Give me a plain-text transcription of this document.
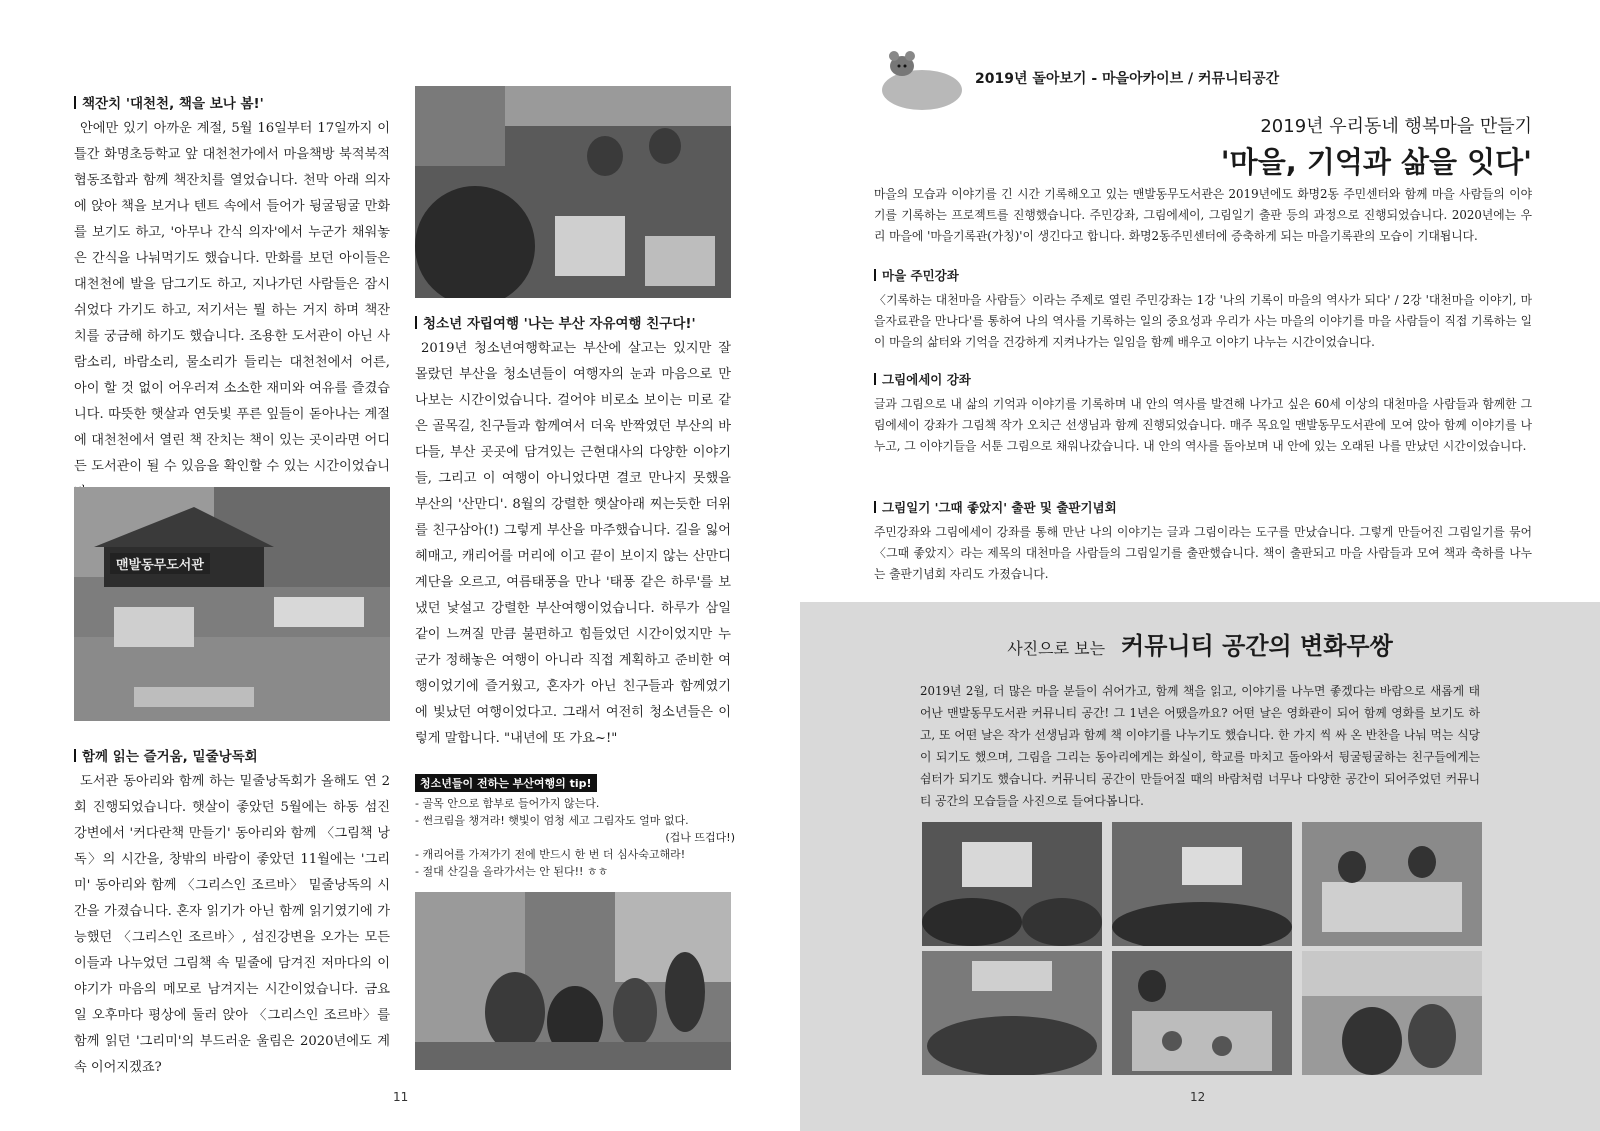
책잔치 '대천천, 책을 보나 봄!'

안에만 있기 아까운 계절, 5월 16일부터 17일까지 이틀간 화명초등학교 앞 대천천가에서 마을책방 북적북적협동조합과 함께 책잔치를 열었습니다. 천막 아래 의자에 앉아 책을 보거나 텐트 속에서 들어가 뒹굴뒹굴 만화를 보기도 하고, '아무나 간식 의자'에서 누군가 채워놓은 간식을 나눠먹기도 했습니다. 만화를 보던 아이들은 대천천에 발을 담그기도 하고, 지나가던 사람들은 잠시 쉬었다 가기도 하고, 저기서는 뭘 하는 거지 하며 책잔치를 궁금해 하기도 했습니다. 조용한 도서관이 아닌 사람소리, 바람소리, 물소리가 들리는 대천천에서 어른, 아이 할 것 없이 어우러져 소소한 재미와 여유를 즐겼습니다. 따뜻한 햇살과 연둣빛 푸른 잎들이 돋아나는 계절에 대천천에서 열린 책 잔치는 책이 있는 곳이라면 어디든 도서관이 될 수 있음을 확인할 수 있는 시간이었습니

맨발동무도서관
함께 읽는 즐거움, 밑줄낭독회

도서관 동아리와 함께 하는 밑줄낭독회가 올해도 연 2회 진행되었습니다. 햇살이 좋았던 5월에는 하동 섬진강변에서 '커다란책 만들기' 동아리와 함께 〈그림책 낭독〉의 시간을, 창밖의 바람이 좋았던 11월에는 '그리미' 동아리와 함께 〈그리스인 조르바〉 밑줄낭독의 시간을 가졌습니다. 혼자 읽기가 아닌 함께 읽기였기에 가능했던 〈그리스인 조르바〉, 섬진강변을 오가는 모든 이들과 나누었던 그림책 속 밑줄에 담겨진 저마다의 이야기가 마음의 메모로 남겨지는 시간이었습니다. 금요일 오후마다 평상에 둘러 앉아 〈그리스인 조르바〉를 함께 읽던 '그리미'의 부드러운 울림은 2020년에도 계속 이어지겠죠?

청소년 자립여행 '나는 부산 자유여행 친구다!'

2019년 청소년여행학교는 부산에 살고는 있지만 잘 몰랐던 부산을 청소년들이 여행자의 눈과 마음으로 만나보는 시간이었습니다. 걸어야 비로소 보이는 미로 같은 골목길, 친구들과 함께여서 더욱 반짝였던 부산의 바다들, 부산 곳곳에 담겨있는 근현대사의 다양한 이야기들, 그리고 이 여행이 아니었다면 결코 만나지 못했을 부산의 '산만디'. 8월의 강렬한 햇살아래 찌는듯한 더위를 친구삼아(!) 그렇게 부산을 마주했습니다. 길을 잃어 헤매고, 캐리어를 머리에 이고 끝이 보이지 않는 산만디 계단을 오르고, 여름태풍을 만나 '태풍 같은 하루'를 보냈던 낯설고 강렬한 부산여행이었습니다. 하루가 삼일같이 느껴질 만큼 불편하고 힘들었던 시간이었지만 누군가 정해놓은 여행이 아니라 직접 계획하고 준비한 여행이었기에 즐거웠고, 혼자가 아닌 친구들과 함께였기에 빛났던 여행이었다고. 그래서 여전히 청소년들은 이렇게 말합니다. "내년에 또 가요~!"

청소년들이 전하는 부산여행의 tip!

- 골목 안으로 함부로 들어가지 않는다.

- 썬크림을 챙겨라! 햇빛이 엄청 세고 그림자도 얼마 없다.

(겁나 뜨겁다!)

- 캐리어를 가져가기 전에 반드시 한 번 더 심사숙고해라!

- 절대 산길을 올라가서는 안 된다!! ㅎㅎ

11
2019년 돌아보기 - 마을아카이브 / 커뮤니티공간
2019년 우리동네 행복마을 만들기
'마을, 기억과 삶을 잇다'

마을의 모습과 이야기를 긴 시간 기록해오고 있는 맨발동무도서관은 2019년에도 화명2동 주민센터와 함께 마을 사람들의 이야기를 기록하는 프로젝트를 진행했습니다. 주민강좌, 그림에세이, 그림일기 출판 등의 과정으로 진행되었습니다. 2020년에는 우리 마을에 '마을기록관(가칭)'이 생긴다고 합니다. 화명2동주민센터에 증축하게 되는 마을기록관의 모습이 기대됩니다.

마을 주민강좌

〈기록하는 대천마을 사람들〉이라는 주제로 열린 주민강좌는 1강 '나의 기록이 마을의 역사가 되다' / 2강 '대천마을 이야기, 마을자료관을 만나다'를 통하여 나의 역사를 기록하는 일의 중요성과 우리가 사는 마을의 이야기를 마을 사람들이 직접 기록하는 일이 마을의 삶터와 기억을 건강하게 지켜나가는 일임을 함께 배우고 이야기 나누는 시간이었습니다.

그림에세이 강좌

글과 그림으로 내 삶의 기억과 이야기를 기록하며 내 안의 역사를 발견해 나가고 싶은 60세 이상의 대천마을 사람들과 함께한 그림에세이 강좌가 그림책 작가 오치근 선생님과 함께 진행되었습니다. 매주 목요일 맨발동무도서관에 모여 앉아 함께 이야기를 나누고, 그 이야기들을 서툰 그림으로 채워나갔습니다. 내 안의 역사를 돌아보며 내 안에 있는 오래된 나를 만났던 시간이었습니다.

그림일기 '그때 좋았지' 출판 및 출판기념회

주민강좌와 그림에세이 강좌를 통해 만난 나의 이야기는 글과 그림이라는 도구를 만났습니다. 그렇게 만들어진 그림일기를 묶어 〈그때 좋았지〉라는 제목의 대천마을 사람들의 그림일기를 출판했습니다. 책이 출판되고 마을 사람들과 모여 책과 축하를 나누는 출판기념회 자리도 가졌습니다.

사진으로 보는 커뮤니티 공간의 변화무쌍

2019년 2월, 더 많은 마을 분들이 쉬어가고, 함께 책을 읽고, 이야기를 나누면 좋겠다는 바람으로 새롭게 태어난 맨발동무도서관 커뮤니티 공간! 그 1년은 어땠을까요? 어떤 날은 영화관이 되어 함께 영화를 보기도 하고, 또 어떤 날은 작가 선생님과 함께 책 이야기를 나누기도 했습니다. 한 가지 씩 싸 온 반찬을 나눠 먹는 식당이 되기도 했으며, 그림을 그리는 동아리에게는 화실이, 학교를 마치고 돌아와서 뒹굴뒹굴하는 친구들에게는 쉼터가 되기도 했습니다. 커뮤니티 공간이 만들어질 때의 바람처럼 너무나 다양한 공간이 되어주었던 커뮤니티 공간의 모습들을 사진으로 들여다봅니다.

12
